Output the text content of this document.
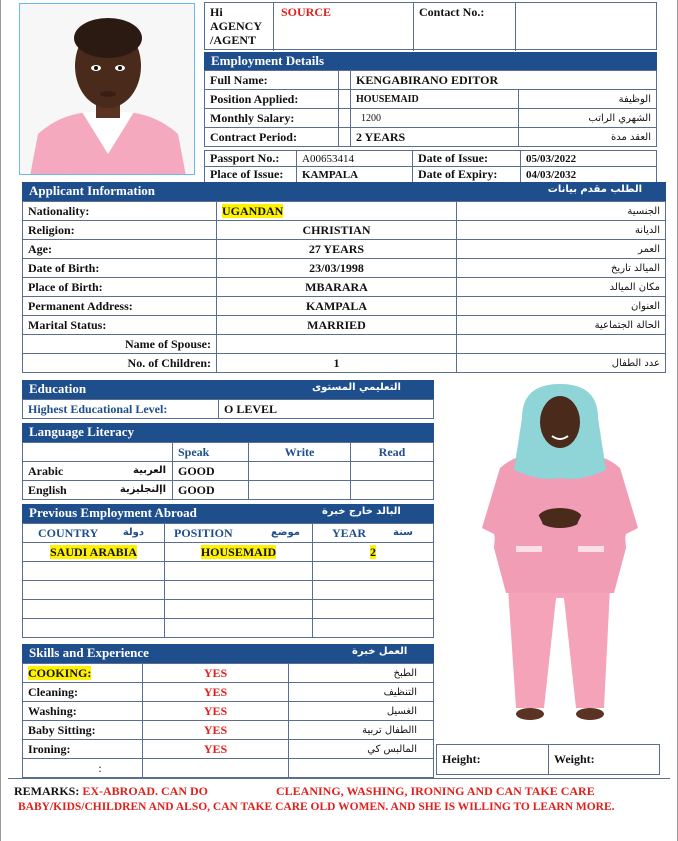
Hi AGENCY /AGENT
SOURCE	Contact No.:
Employment Details
Full Name:		KENGABIRANO EDITOR	
Position Applied:		HOUSEMAID	الوظيفة
Monthly Salary:		1200	الشهري الراتب
Contract Period:		2 YEARS	العقد مدة
Passport No.:	A00653414	Date of Issue:	05/03/2022
Place of Issue:	KAMPALA	Date of Expiry:	04/03/2032
Applicant Information	الطلب مقدم بيانات
Nationality:	UGANDAN	الجنسية
Religion:	CHRISTIAN	الديانة
Age:	27 YEARS	العمر
Date of Birth:	23/03/1998	الميالد تاريخ
Place of Birth:	MBARARA	مكان الميالد
Permanent Address:	KAMPALA	العنوان
Marital Status:	MARRIED	الحالة الجتماعية
Name of Spouse:		
No. of Children:	1	عدد الطفال
Education	التعليمي المستوى
Highest Educational Level:	O LEVEL
Language Literacy
	Speak	Write	Read
Arabic العربية	GOOD		
English اإلنجليزية	GOOD		
Previous Employment Abroad	البالد خارج خبرة
COUNTRY دولة	POSITION موضع	YEAR سنة

SAUDI ARABIA	HOUSEMAID	2

Skills and Experience	العمل خبرة
COOKING:	YES	الطبخ
Cleaning:	YES	التنظيف
Washing:	YES	الغسيل
Baby Sitting:	YES	االطفال تربية
Ironing:	YES	المالبس كي
:		
Height:	Weight:
REMARKS: EX-ABROAD. CAN DO	CLEANING, WASHING, IRONING AND CAN TAKE CARE
BABY/KIDS/CHILDREN AND ALSO, CAN TAKE CARE OLD WOMEN. AND SHE IS WILLING TO LEARN MORE.
